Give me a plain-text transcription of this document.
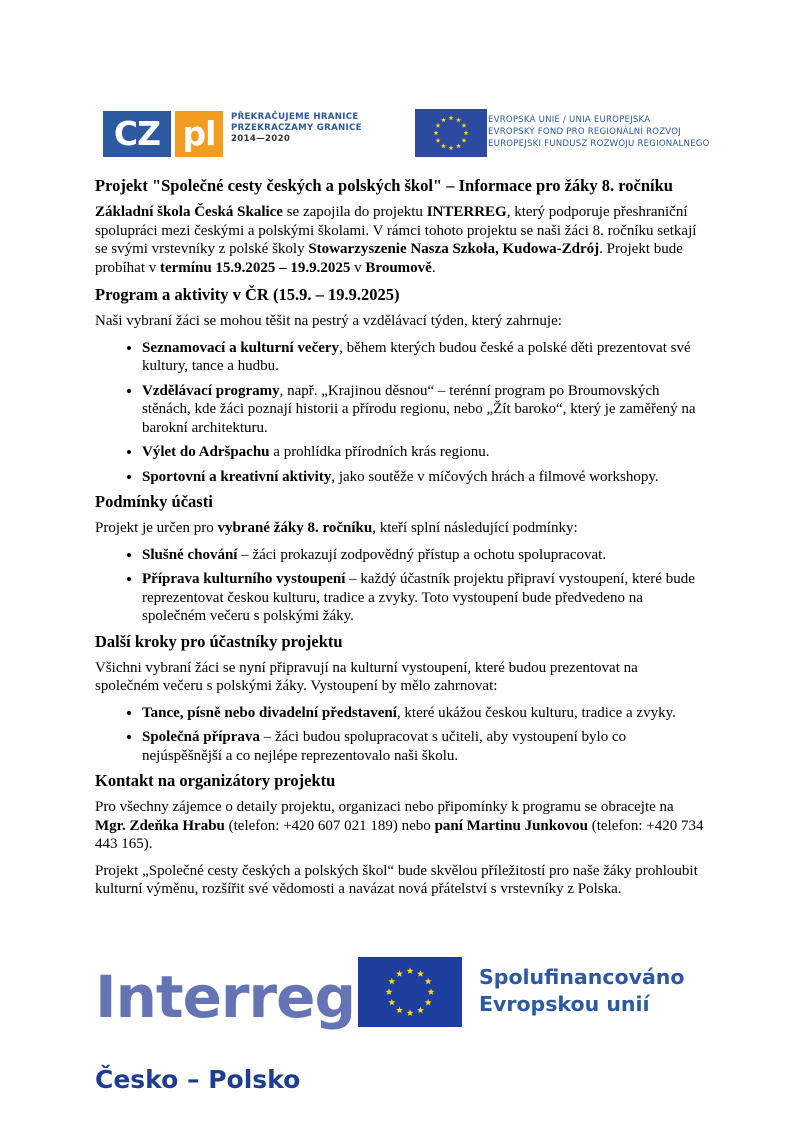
CZ pl	PŘEKRAČUJEME HRANICE
PRZEKRACZAMY GRANICE
2014—2020
EVROPSKÁ UNIE / UNIA EUROPEJSKA
EVROPSKÝ FOND PRO REGIONÁLNÍ ROZVOJ
EUROPEJSKI FUNDUSZ ROZWOJU REGIONALNEGO
Projekt "Společné cesty českých a polských škol" – Informace pro žáky 8. ročníku

Základní škola Česká Skalice se zapojila do projektu INTERREG, který podporuje přeshraniční spolupráci mezi českými a polskými školami. V rámci tohoto projektu se naši žáci 8. ročníku setkají se svými vrstevníky z polské školy Stowarzyszenie Nasza Szkoła, Kudowa-Zdrój. Projekt bude probíhat v termínu 15.9.2025 – 19.9.2025 v Broumově.

Program a aktivity v ČR (15.9. – 19.9.2025)

Naši vybraní žáci se mohou těšit na pestrý a vzdělávací týden, který zahrnuje:

• Seznamovací a kulturní večery, během kterých budou české a polské děti prezentovat své kultury, tance a hudbu.
• Vzdělávací programy, např. „Krajinou děsnou“ – terénní program po Broumovských stěnách, kde žáci poznají historii a přírodu regionu, nebo „Žít baroko“, který je zaměřený na barokní architekturu.
• Výlet do Adršpachu a prohlídka přírodních krás regionu.
• Sportovní a kreativní aktivity, jako soutěže v míčových hrách a filmové workshopy.
Podmínky účasti

Projekt je určen pro vybrané žáky 8. ročníku, kteří splní následující podmínky:

• Slušné chování – žáci prokazují zodpovědný přístup a ochotu spolupracovat.
• Příprava kulturního vystoupení – každý účastník projektu připraví vystoupení, které bude reprezentovat českou kulturu, tradice a zvyky. Toto vystoupení bude předvedeno na společném večeru s polskými žáky.
Další kroky pro účastníky projektu

Všichni vybraní žáci se nyní připravují na kulturní vystoupení, které budou prezentovat na společném večeru s polskými žáky. Vystoupení by mělo zahrnovat:

• Tance, písně nebo divadelní představení, které ukážou českou kulturu, tradice a zvyky.
• Společná příprava – žáci budou spolupracovat s učiteli, aby vystoupení bylo co nejúspěšnější a co nejlépe reprezentovalo naši školu.
Kontakt na organizátory projektu

Pro všechny zájemce o detaily projektu, organizaci nebo připomínky k programu se obracejte na Mgr. Zdeňka Hrabu (telefon: +420 607 021 189) nebo paní Martinu Junkovou (telefon: +420 734 443 165).

Projekt „Společné cesty českých a polských škol“ bude skvělou příležitostí pro naše žáky prohloubit kulturní výměnu, rozšířit své vědomosti a navázat nová přátelství s vrstevníky z Polska.

Interreg	Spolufinancováno
Evropskou unií
Česko – Polsko
